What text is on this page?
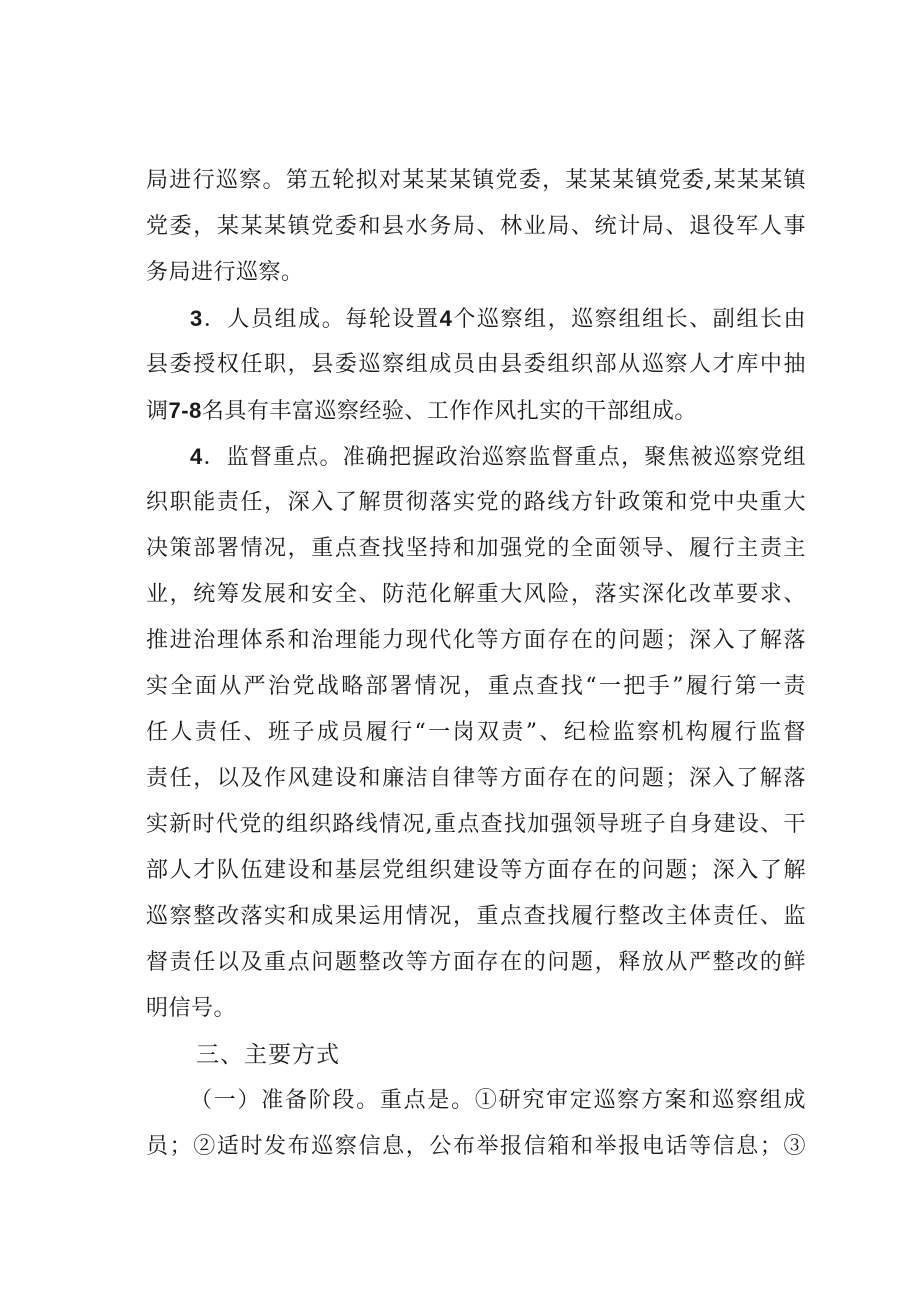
局进行巡察。第五轮拟对某某某镇党委，某某某镇党委,某某某镇
党委，某某某镇党委和县水务局、林业局、统计局、退役军人事
务局进行巡察。
3．人员组成。每轮设置4个巡察组，巡察组组长、副组长由
县委授权任职，县委巡察组成员由县委组织部从巡察人才库中抽
调7-8名具有丰富巡察经验、工作作风扎实的干部组成。
4．监督重点。准确把握政治巡察监督重点，聚焦被巡察党组
织职能责任，深入了解贯彻落实党的路线方针政策和党中央重大
决策部署情况，重点查找坚持和加强党的全面领导、履行主责主
业，统筹发展和安全、防范化解重大风险，落实深化改革要求、
推进治理体系和治理能力现代化等方面存在的问题；深入了解落
实全面从严治党战略部署情况，重点查找“一把手”履行第一责
任人责任、班子成员履行“一岗双责”、纪检监察机构履行监督
责任，以及作风建设和廉洁自律等方面存在的问题；深入了解落
实新时代党的组织路线情况,重点查找加强领导班子自身建设、干
部人才队伍建设和基层党组织建设等方面存在的问题；深入了解
巡察整改落实和成果运用情况，重点查找履行整改主体责任、监
督责任以及重点问题整改等方面存在的问题，释放从严整改的鲜
明信号。
三、主要方式
（一）准备阶段。重点是。①研究审定巡察方案和巡察组成
员；②适时发布巡察信息，公布举报信箱和举报电话等信息；③
